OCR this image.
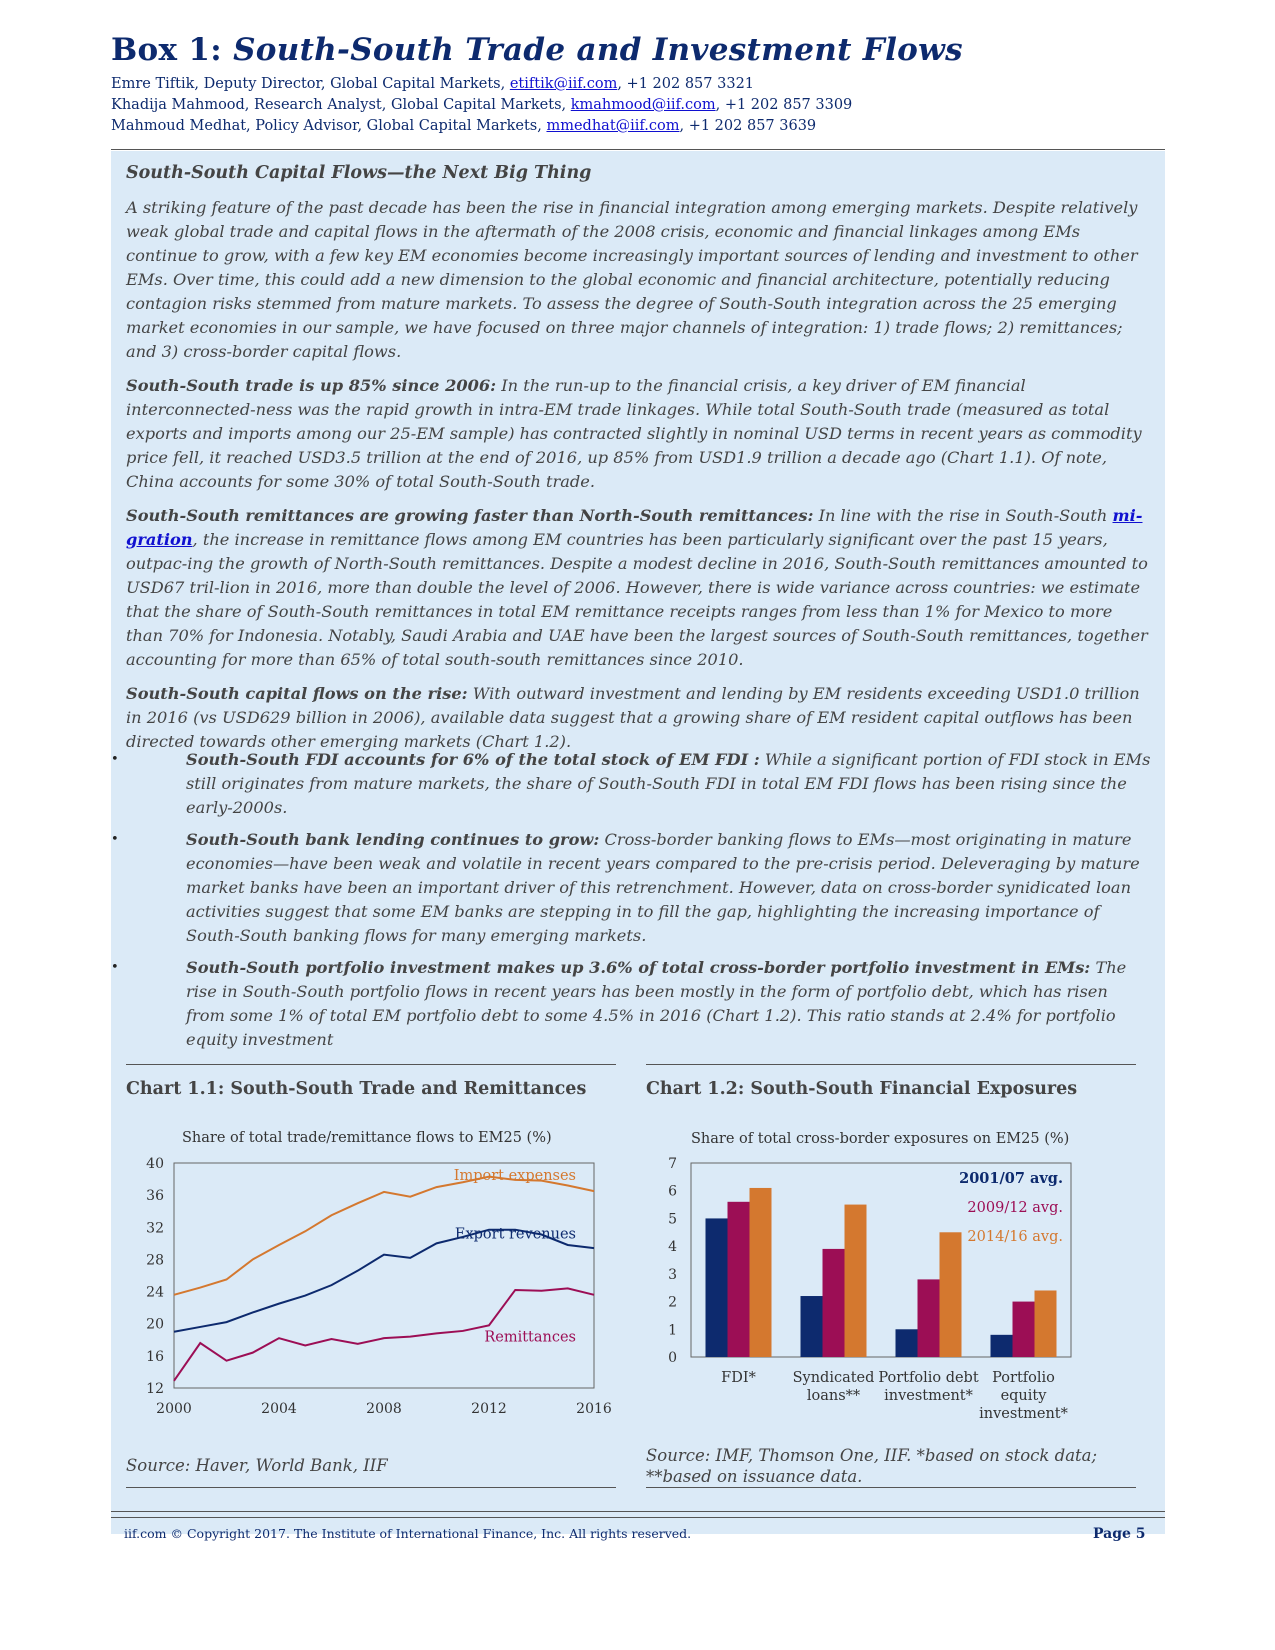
Box 1: South-South Trade and Investment Flows
Emre Tiftik, Deputy Director, Global Capital Markets, etiftik@iif.com, +1 202 857 3321
Khadija Mahmood, Research Analyst, Global Capital Markets, kmahmood@iif.com, +1 202 857 3309
Mahmoud Medhat, Policy Advisor, Global Capital Markets, mmedhat@iif.com, +1 202 857 3639
South-South Capital Flows—the Next Big Thing

A striking feature of the past decade has been the rise in financial integration among emerging markets. Despite relatively weak global trade and capital flows in the aftermath of the 2008 crisis, economic and financial linkages among EMs continue to grow, with a few key EM economies become increasingly important sources of lending and investment to other EMs. Over time, this could add a new dimension to the global economic and financial architecture, potentially reducing contagion risks stemmed from mature markets. To assess the degree of South-South integration across the 25 emerging market economies in our sample, we have focused on three major channels of integration: 1) trade flows; 2) remittances; and 3) cross-border capital flows.

South-South trade is up 85% since 2006: In the run-up to the financial crisis, a key driver of EM financial interconnected-ness was the rapid growth in intra-EM trade linkages. While total South-South trade (measured as total exports and imports among our 25-EM sample) has contracted slightly in nominal USD terms in recent years as commodity price fell, it reached USD3.5 trillion at the end of 2016, up 85% from USD1.9 trillion a decade ago (Chart 1.1). Of note, China accounts for some 30% of total South-South trade.

South-South remittances are growing faster than North-South remittances: In line with the rise in South-South mi-gration, the increase in remittance flows among EM countries has been particularly significant over the past 15 years, outpac-ing the growth of North-South remittances. Despite a modest decline in 2016, South-South remittances amounted to USD67 tril-lion in 2016, more than double the level of 2006. However, there is wide variance across countries: we estimate that the share of South-South remittances in total EM remittance receipts ranges from less than 1% for Mexico to more than 70% for Indonesia. Notably, Saudi Arabia and UAE have been the largest sources of South-South remittances, together accounting for more than 65% of total south-south remittances since 2010.

South-South capital flows on the rise: With outward investment and lending by EM residents exceeding USD1.0 trillion in 2016 (vs USD629 billion in 2006), available data suggest that a growing share of EM resident capital outflows has been directed towards other emerging markets (Chart 1.2).

•	South-South FDI accounts for 6% of the total stock of EM FDI : While a significant portion of FDI stock in EMs still originates from mature markets, the share of South-South FDI in total EM FDI flows has been rising since the early-2000s.
•	South-South bank lending continues to grow: Cross-border banking flows to EMs—most originating in mature economies—have been weak and volatile in recent years compared to the pre-crisis period. Deleveraging by mature market banks have been an important driver of this retrenchment. However, data on cross-border synidicated loan activities suggest that some EM banks are stepping in to fill the gap, highlighting the increasing importance of South-South banking flows for many emerging markets.
•	South-South portfolio investment makes up 3.6% of total cross-border portfolio investment in EMs: The rise in South-South portfolio flows in recent years has been mostly in the form of portfolio debt, which has risen from some 1% of total EM portfolio debt to some 4.5% in 2016 (Chart 1.2). This ratio stands at 2.4% for portfolio equity investment
Chart 1.1: South-South Trade and Remittances
Share of total trade/remittance flows to EM25 (%)
12
16
20
24
28
32
36
40
2000	2004	2008	2012	2016
Import expenses
Export revenues
Remittances
Source: Haver, World Bank, IIF
Chart 1.2: South-South Financial Exposures
Share of total cross-border exposures on EM25 (%)
0
1
2
3
4
5
6
7
FDI*	Syndicated
loans**
Portfolio debt
investment*
Portfolio
equity
investment*
2001/07 avg.
2009/12 avg.
2014/16 avg.
Source: IMF, Thomson One, IIF. *based on stock data;
**based on issuance data.
iif.com © Copyright 2017. The Institute of International Finance, Inc. All rights reserved.	Page 5
